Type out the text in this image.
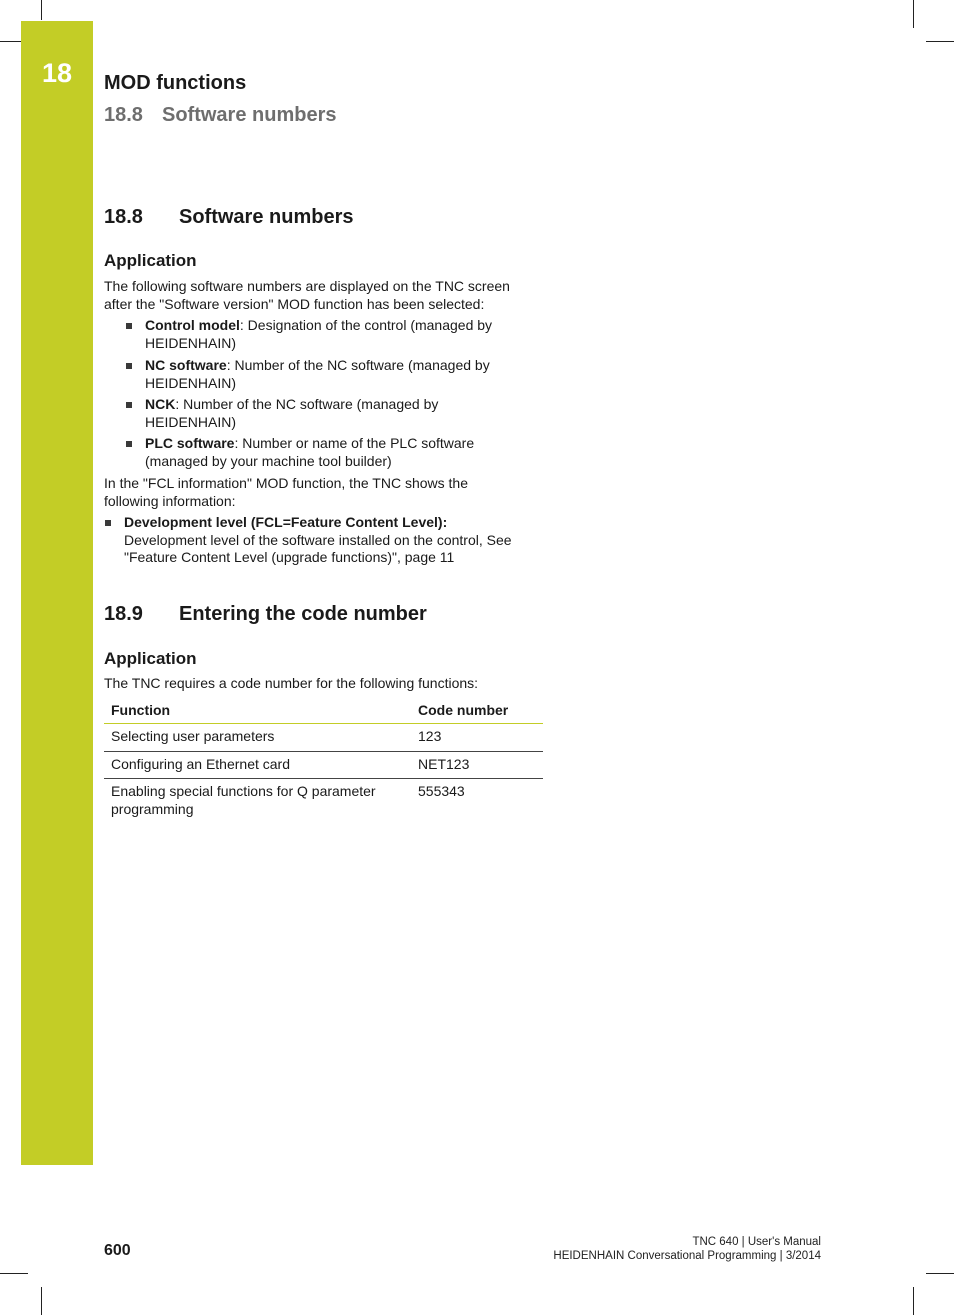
18	MOD functions
18.8 Software numbers
18.8 Software numbers
Application
The following software numbers are displayed on the TNC screen after the "Software version" MOD function has been selected:
Control model: Designation of the control (managed by HEIDENHAIN)
NC software: Number of the NC software (managed by HEIDENHAIN)
NCK: Number of the NC software (managed by HEIDENHAIN)
PLC software: Number or name of the PLC software (managed by your machine tool builder)
In the "FCL information" MOD function, the TNC shows the following information:
Development level (FCL=Feature Content Level):
Development level of the software installed on the control, See "Feature Content Level (upgrade functions)", page 11
18.9 Entering the code number
Application
The TNC requires a code number for the following functions:
Function	Code number
Selecting user parameters	123
Configuring an Ethernet card	NET123
Enabling special functions for Q parameter programming	555343
600	TNC 640 | User's Manual
HEIDENHAIN Conversational Programming | 3/2014
